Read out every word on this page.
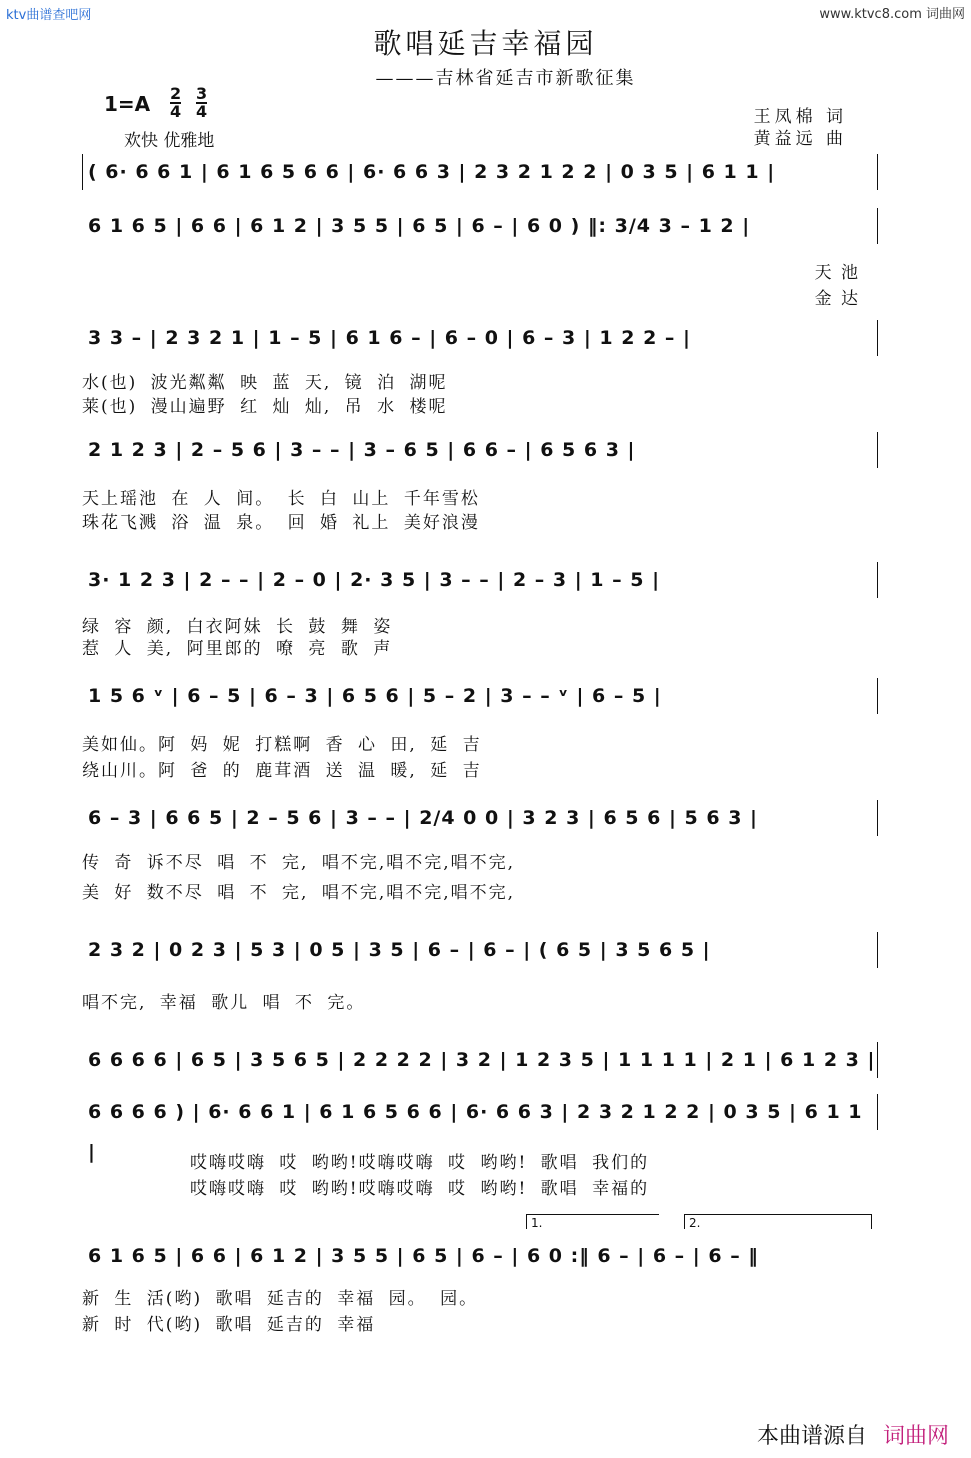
ktv曲谱查吧网	www.ktvc8.com 词曲网
歌唱延吉幸福园
———吉林省延吉市新歌征集
1=A 2
4
3
4
欢快 优雅地
王凤棉 词
黄益远 曲
( 6· 6 6 1 | 6 1 6 5 6 6 | 6· 6 6 3 | 2 3 2 1 2 2 | 0 3 5 | 6 1 1 |
6 1 6 5 | 6 6 | 6 1 2 | 3 5 5 | 6 5 | 6 – | 6 0 ) ‖: 3/4 3 – 1 2 |
天 池
金 达
3 3 – | 2 3 2 1 | 1 – 5 | 6 1 6 – | 6 – 0 | 6 – 3 | 1 2 2 – |
水(也) 波光粼粼 映 蓝 天, 镜 泊 湖呢
莱(也) 漫山遍野 红 灿 灿, 吊 水 楼呢
2 1 2 3 | 2 – 5 6 | 3 – – | 3 – 6 5 | 6 6 – | 6 5 6 3 |
天上瑶池 在 人 间。 长 白 山上 千年雪松
珠花飞溅 浴 温 泉。 回 婚 礼上 美好浪漫
3· 1 2 3 | 2 – – | 2 – 0 | 2· 3 5 | 3 – – | 2 – 3 | 1 – 5 |
绿 容 颜, 白衣阿妹 长 鼓 舞 姿
惹 人 美, 阿里郎的 嘹 亮 歌 声
1 5 6 ᵛ | 6 – 5 | 6 – 3 | 6 5 6 | 5 – 2 | 3 – – ᵛ | 6 – 5 |
美如仙。阿 妈 妮 打糕啊 香 心 田, 延 吉
绕山川。阿 爸 的 鹿茸酒 送 温 暖, 延 吉
6 – 3 | 6 6 5 | 2 – 5 6 | 3 – – | 2/4 0 0 | 3 2 3 | 6 5 6 | 5 6 3 |
传 奇 诉不尽 唱 不 完, 唱不完,唱不完,唱不完,
美 好 数不尽 唱 不 完, 唱不完,唱不完,唱不完,
2 3 2 | 0 2 3 | 5 3 | 0 5 | 3 5 | 6 – | 6 – | ( 6 5 | 3 5 6 5 |
唱不完, 幸福 歌儿 唱 不 完。
6 6 6 6 | 6 5 | 3 5 6 5 | 2 2 2 2 | 3 2 | 1 2 3 5 | 1 1 1 1 | 2 1 | 6 1 2 3 |
6 6 6 6 ) | 6· 6 6 1 | 6 1 6 5 6 6 | 6· 6 6 3 | 2 3 2 1 2 2 | 0 3 5 | 6 1 1 |	哎嗨哎嗨 哎 哟哟!哎嗨哎嗨 哎 哟哟! 歌唱 我们的
哎嗨哎嗨 哎 哟哟!哎嗨哎嗨 哎 哟哟! 歌唱 幸福的
1.	2.
6 1 6 5 | 6 6 | 6 1 2 | 3 5 5 | 6 5 | 6 – | 6 0 :‖ 6 – | 6 – | 6 – ‖
新 生 活(哟) 歌唱 延吉的 幸福 园。 园。
新 时 代(哟) 歌唱 延吉的 幸福
本曲谱源自 词曲网
